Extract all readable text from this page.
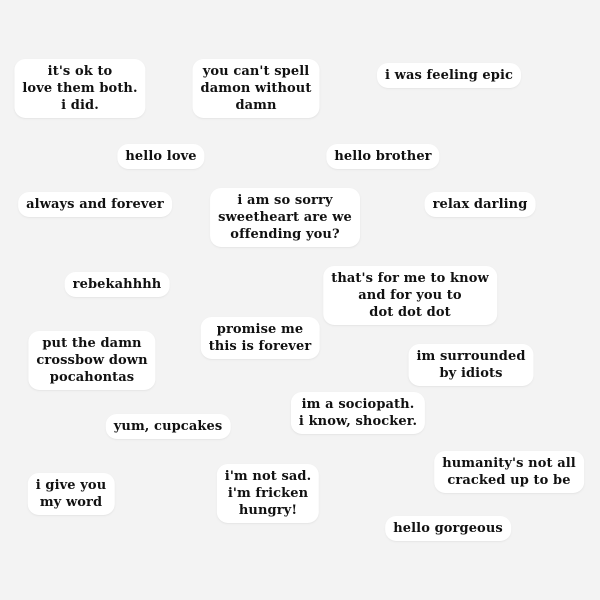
it's ok to
love them both.
i did.
you can't spell
damon without
damn
i was feeling epic
hello love	hello brother
always and forever	i am so sorry
sweetheart are we
offending you?
relax darling
rebekahhhh	that's for me to know
and for you to
dot dot dot
put the damn
crossbow down
pocahontas
promise me
this is forever
im surrounded
by idiots
im a sociopath.
i know, shocker.
yum, cupcakes
humanity's not all
cracked up to be
i give you
my word
i'm not sad.
i'm fricken
hungry!
hello gorgeous
